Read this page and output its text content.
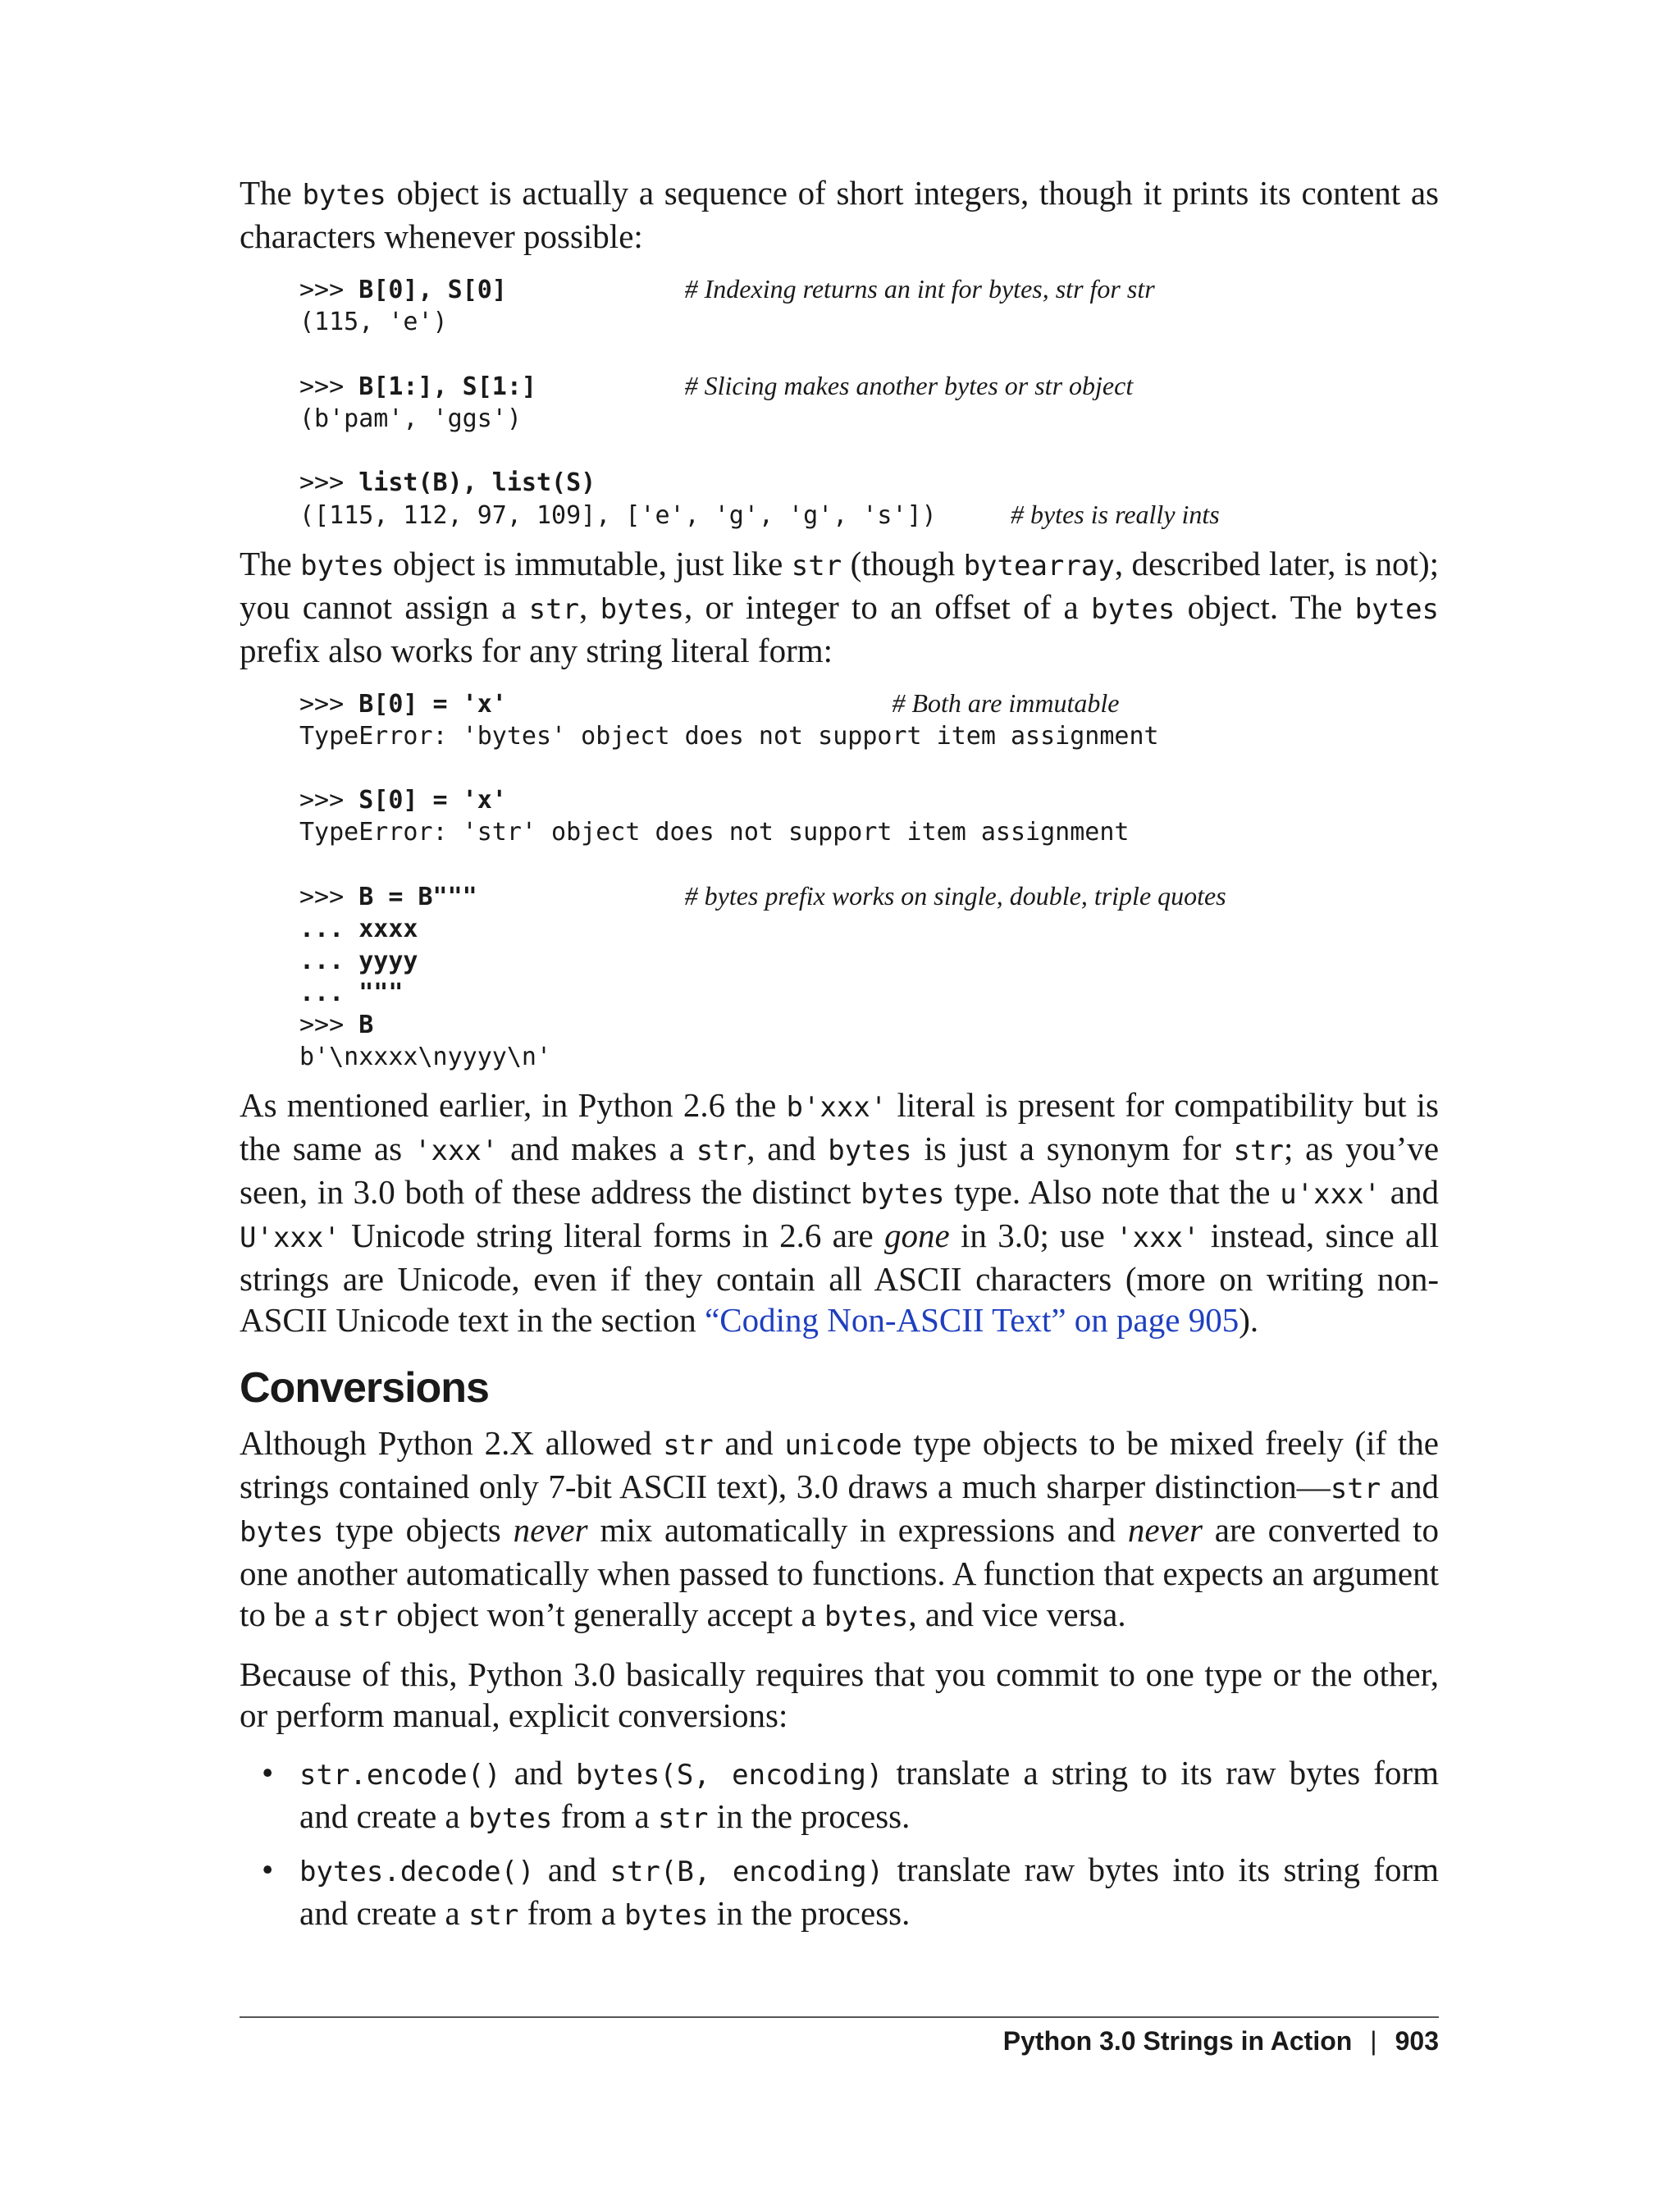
The bytes object is actually a sequence of short integers, though it prints its content as characters whenever possible:

>>> B[0], S[0]	# Indexing returns an int for bytes, str for str
(115, 'e')

>>> B[1:], S[1:]	# Slicing makes another bytes or str object
(b'pam', 'ggs')

>>> list(B), list(S)
([115, 112, 97, 109], ['e', 'g', 'g', 's'])	# bytes is really ints

The bytes object is immutable, just like str (though bytearray, described later, is not); you cannot assign a str, bytes, or integer to an offset of a bytes object. The bytes prefix also works for any string literal form:

>>> B[0] = 'x'	# Both are immutable
TypeError: 'bytes' object does not support item assignment

>>> S[0] = 'x'
TypeError: 'str' object does not support item assignment

>>> B = B"""	# bytes prefix works on single, double, triple quotes
... xxxx
... yyyy
... """
>>> B
b'\nxxxx\nyyyy\n'

As mentioned earlier, in Python 2.6 the b'xxx' literal is present for compatibility but is the same as 'xxx' and makes a str, and bytes is just a synonym for str; as you’ve seen, in 3.0 both of these address the distinct bytes type. Also note that the u'xxx' and U'xxx' Unicode string literal forms in 2.6 are gone in 3.0; use 'xxx' instead, since all strings are Unicode, even if they contain all ASCII characters (more on writing non-ASCII Unicode text in the section “Coding Non-ASCII Text” on page 905).

Conversions

Although Python 2.X allowed str and unicode type objects to be mixed freely (if the strings contained only 7-bit ASCII text), 3.0 draws a much sharper distinction—str and bytes type objects never mix automatically in expressions and never are converted to one another automatically when passed to functions. A function that expects an argument to be a str object won’t generally accept a bytes, and vice versa.

Because of this, Python 3.0 basically requires that you commit to one type or the other, or perform manual, explicit conversions:

• str.encode() and bytes(S, encoding) translate a string to its raw bytes form and create a bytes from a str in the process.
• bytes.decode() and str(B, encoding) translate raw bytes into its string form and create a str from a bytes in the process.
Python 3.0 Strings in Action | 903
